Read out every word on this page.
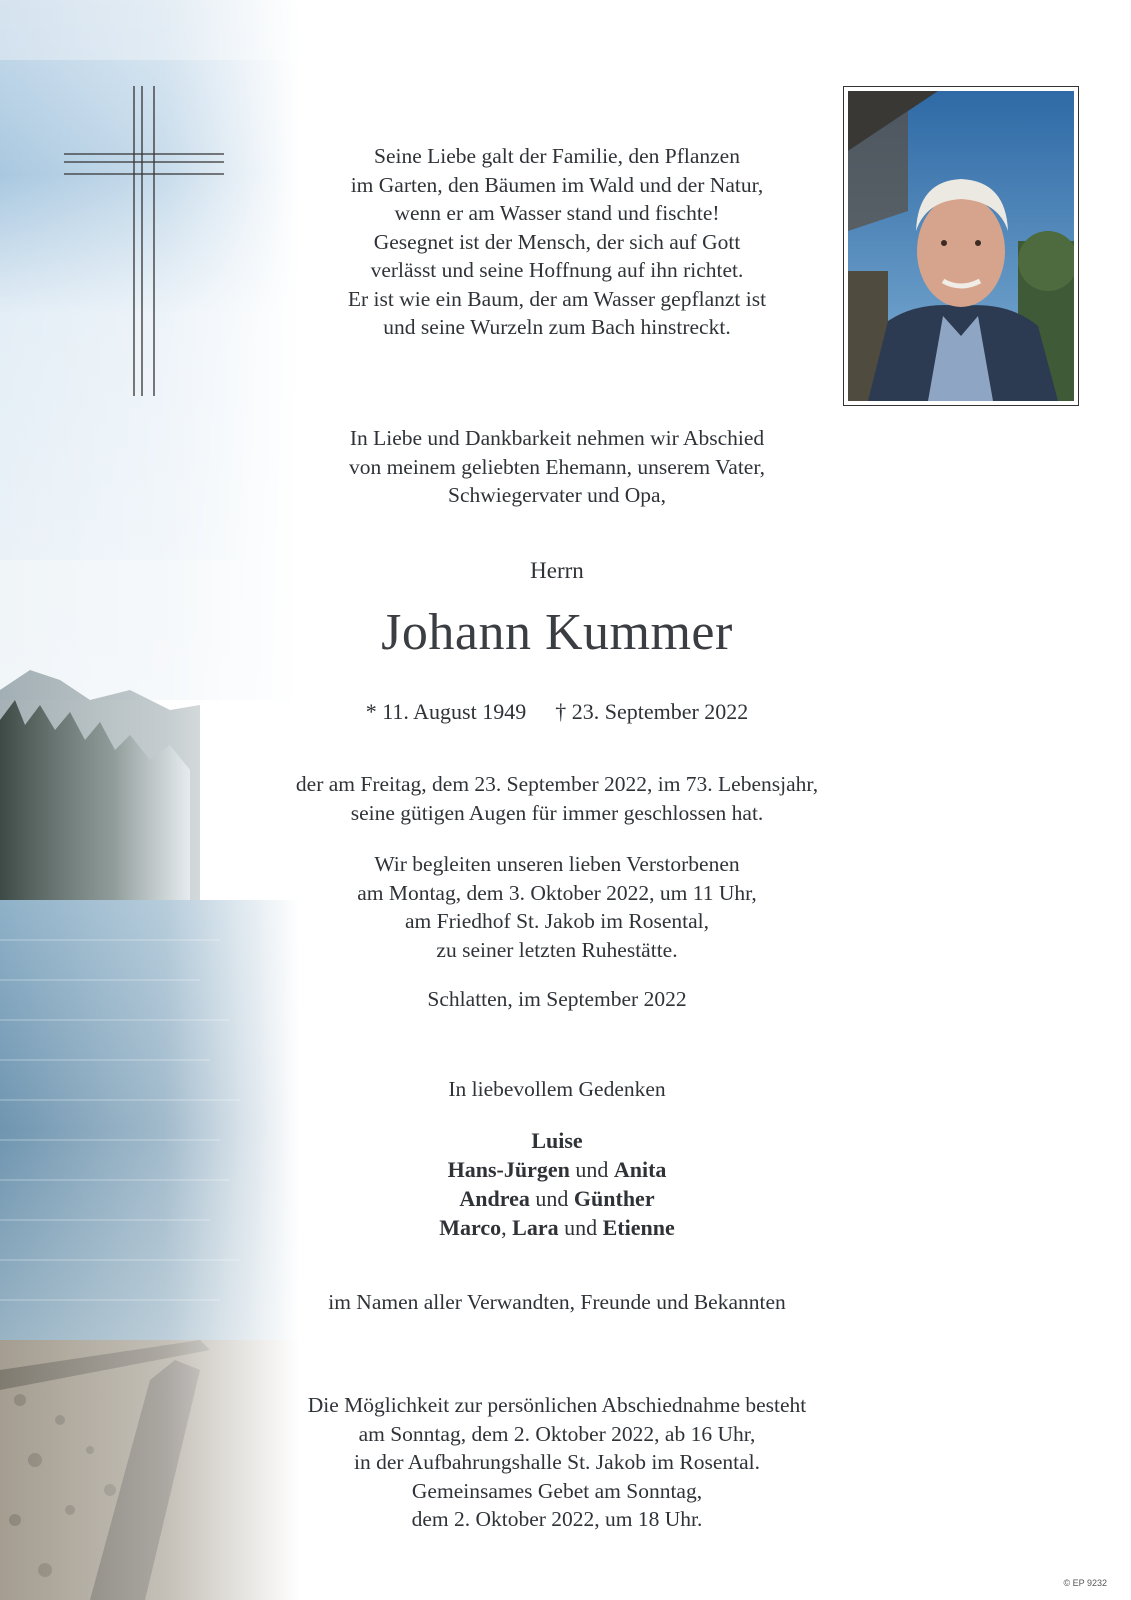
Seine Liebe galt der Familie, den Pflanzen
im Garten, den Bäumen im Wald und der Natur,
wenn er am Wasser stand und fischte!
Gesegnet ist der Mensch, der sich auf Gott
verlässt und seine Hoffnung auf ihn richtet.
Er ist wie ein Baum, der am Wasser gepflanzt ist
und seine Wurzeln zum Bach hinstreckt.
In Liebe und Dankbarkeit nehmen wir Abschied
von meinem geliebten Ehemann, unserem Vater,
Schwiegervater und Opa,
Herrn
Johann Kummer
* 11. August 1949 † 23. September 2022
der am Freitag, dem 23. September 2022, im 73. Lebensjahr,
seine gütigen Augen für immer geschlossen hat.
Wir begleiten unseren lieben Verstorbenen
am Montag, dem 3. Oktober 2022, um 11 Uhr,
am Friedhof St. Jakob im Rosental,
zu seiner letzten Ruhestätte.
Schlatten, im September 2022
In liebevollem Gedenken
Luise
Hans-Jürgen und Anita
Andrea und Günther
Marco, Lara und Etienne
im Namen aller Verwandten, Freunde und Bekannten
Die Möglichkeit zur persönlichen Abschiednahme besteht
am Sonntag, dem 2. Oktober 2022, ab 16 Uhr,
in der Aufbahrungshalle St. Jakob im Rosental.
Gemeinsames Gebet am Sonntag,
dem 2. Oktober 2022, um 18 Uhr.
© EP 9232
